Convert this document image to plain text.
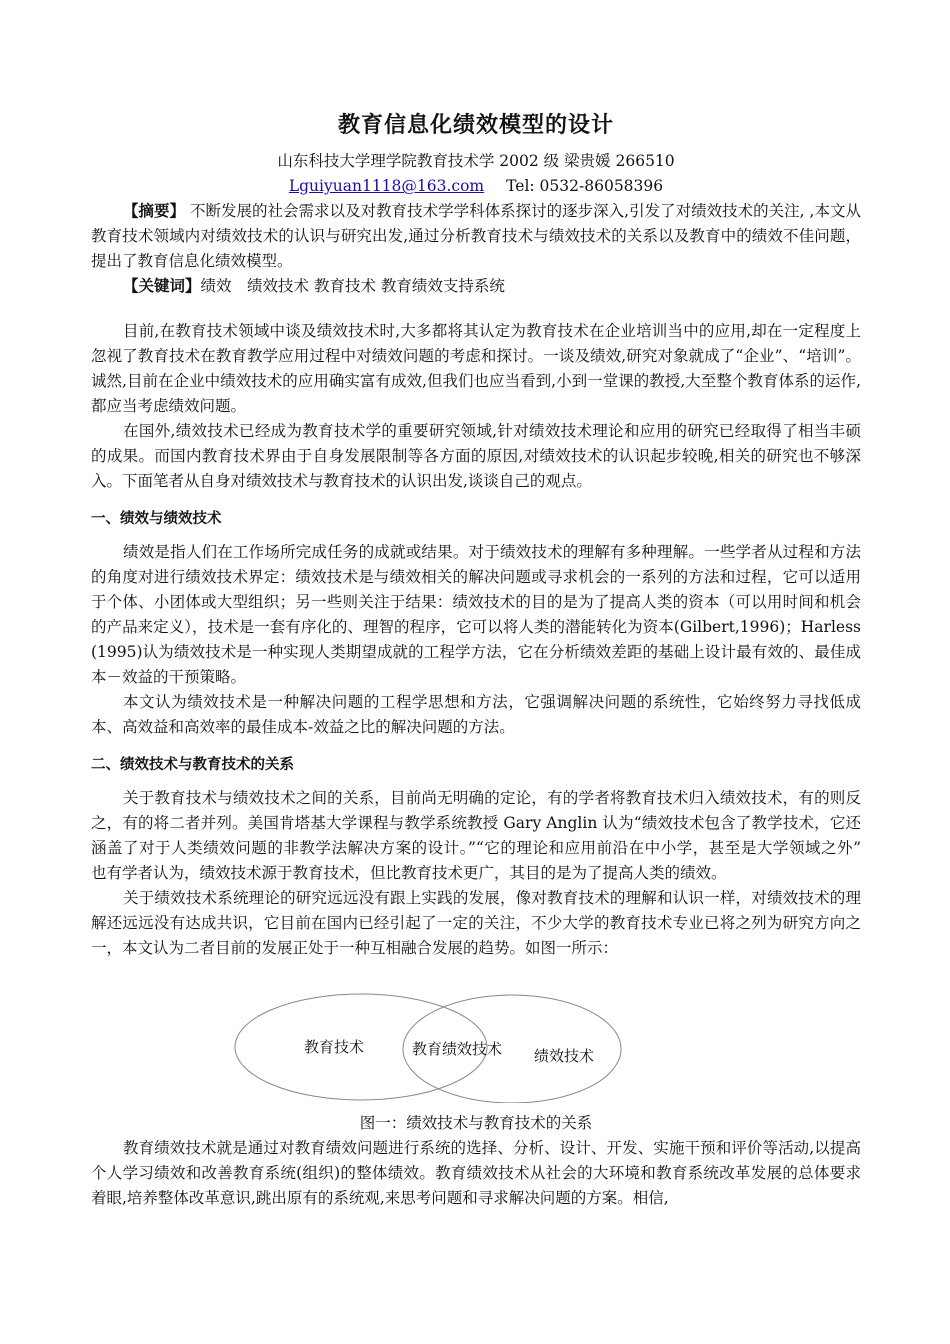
教育信息化绩效模型的设计
山东科技大学理学院教育技术学 2002 级 梁贵媛 266510
Lguiyuan1118@163.com Tel: 0532-86058396

【摘要】 不断发展的社会需求以及对教育技术学学科体系探讨的逐步深入,引发了对绩效技术的关注, ,本文从教育技术领域内对绩效技术的认识与研究出发,通过分析教育技术与绩效技术的关系以及教育中的绩效不佳问题，提出了教育信息化绩效模型。

【关键词】绩效　绩效技术 教育技术 教育绩效支持系统

目前,在教育技术领域中谈及绩效技术时,大多都将其认定为教育技术在企业培训当中的应用,却在一定程度上忽视了教育技术在教育教学应用过程中对绩效问题的考虑和探讨。一谈及绩效,研究对象就成了“企业”、“培训”。诚然,目前在企业中绩效技术的应用确实富有成效,但我们也应当看到,小到一堂课的教授,大至整个教育体系的运作,都应当考虑绩效问题。

在国外,绩效技术已经成为教育技术学的重要研究领域,针对绩效技术理论和应用的研究已经取得了相当丰硕的成果。而国内教育技术界由于自身发展限制等各方面的原因,对绩效技术的认识起步较晚,相关的研究也不够深入。下面笔者从自身对绩效技术与教育技术的认识出发,谈谈自己的观点。

一、绩效与绩效技术

绩效是指人们在工作场所完成任务的成就或结果。对于绩效技术的理解有多种理解。一些学者从过程和方法的角度对进行绩效技术界定：绩效技术是与绩效相关的解决问题或寻求机会的一系列的方法和过程，它可以适用于个体、小团体或大型组织；另一些则关注于结果：绩效技术的目的是为了提高人类的资本（可以用时间和机会的产品来定义），技术是一套有序化的、理智的程序，它可以将人类的潜能转化为资本(Gilbert,1996)；Harless (1995)认为绩效技术是一种实现人类期望成就的工程学方法，它在分析绩效差距的基础上设计最有效的、最佳成本－效益的干预策略。

本文认为绩效技术是一种解决问题的工程学思想和方法，它强调解决问题的系统性，它始终努力寻找低成本、高效益和高效率的最佳成本-效益之比的解决问题的方法。

二、绩效技术与教育技术的关系

关于教育技术与绩效技术之间的关系，目前尚无明确的定论，有的学者将教育技术归入绩效技术，有的则反之，有的将二者并列。美国肯塔基大学课程与教学系统教授 Gary Anglin 认为“绩效技术包含了教学技术，它还涵盖了对于人类绩效问题的非教学法解决方案的设计。”“它的理论和应用前沿在中小学，甚至是大学领域之外”　也有学者认为，绩效技术源于教育技术，但比教育技术更广，其目的是为了提高人类的绩效。

关于绩效技术系统理论的研究远远没有跟上实践的发展，像对教育技术的理解和认识一样，对绩效技术的理解还远远没有达成共识，它目前在国内已经引起了一定的关注，不少大学的教育技术专业已将之列为研究方向之一，本文认为二者目前的发展正处于一种互相融合发展的趋势。如图一所示：

教育技术	教育绩效技术 绩效技术
图一：绩效技术与教育技术的关系

教育绩效技术就是通过对教育绩效问题进行系统的选择、分析、设计、开发、实施干预和评价等活动,以提高个人学习绩效和改善教育系统(组织)的整体绩效。教育绩效技术从社会的大环境和教育系统改革发展的总体要求着眼,培养整体改革意识,跳出原有的系统观,来思考问题和寻求解决问题的方案。相信,
